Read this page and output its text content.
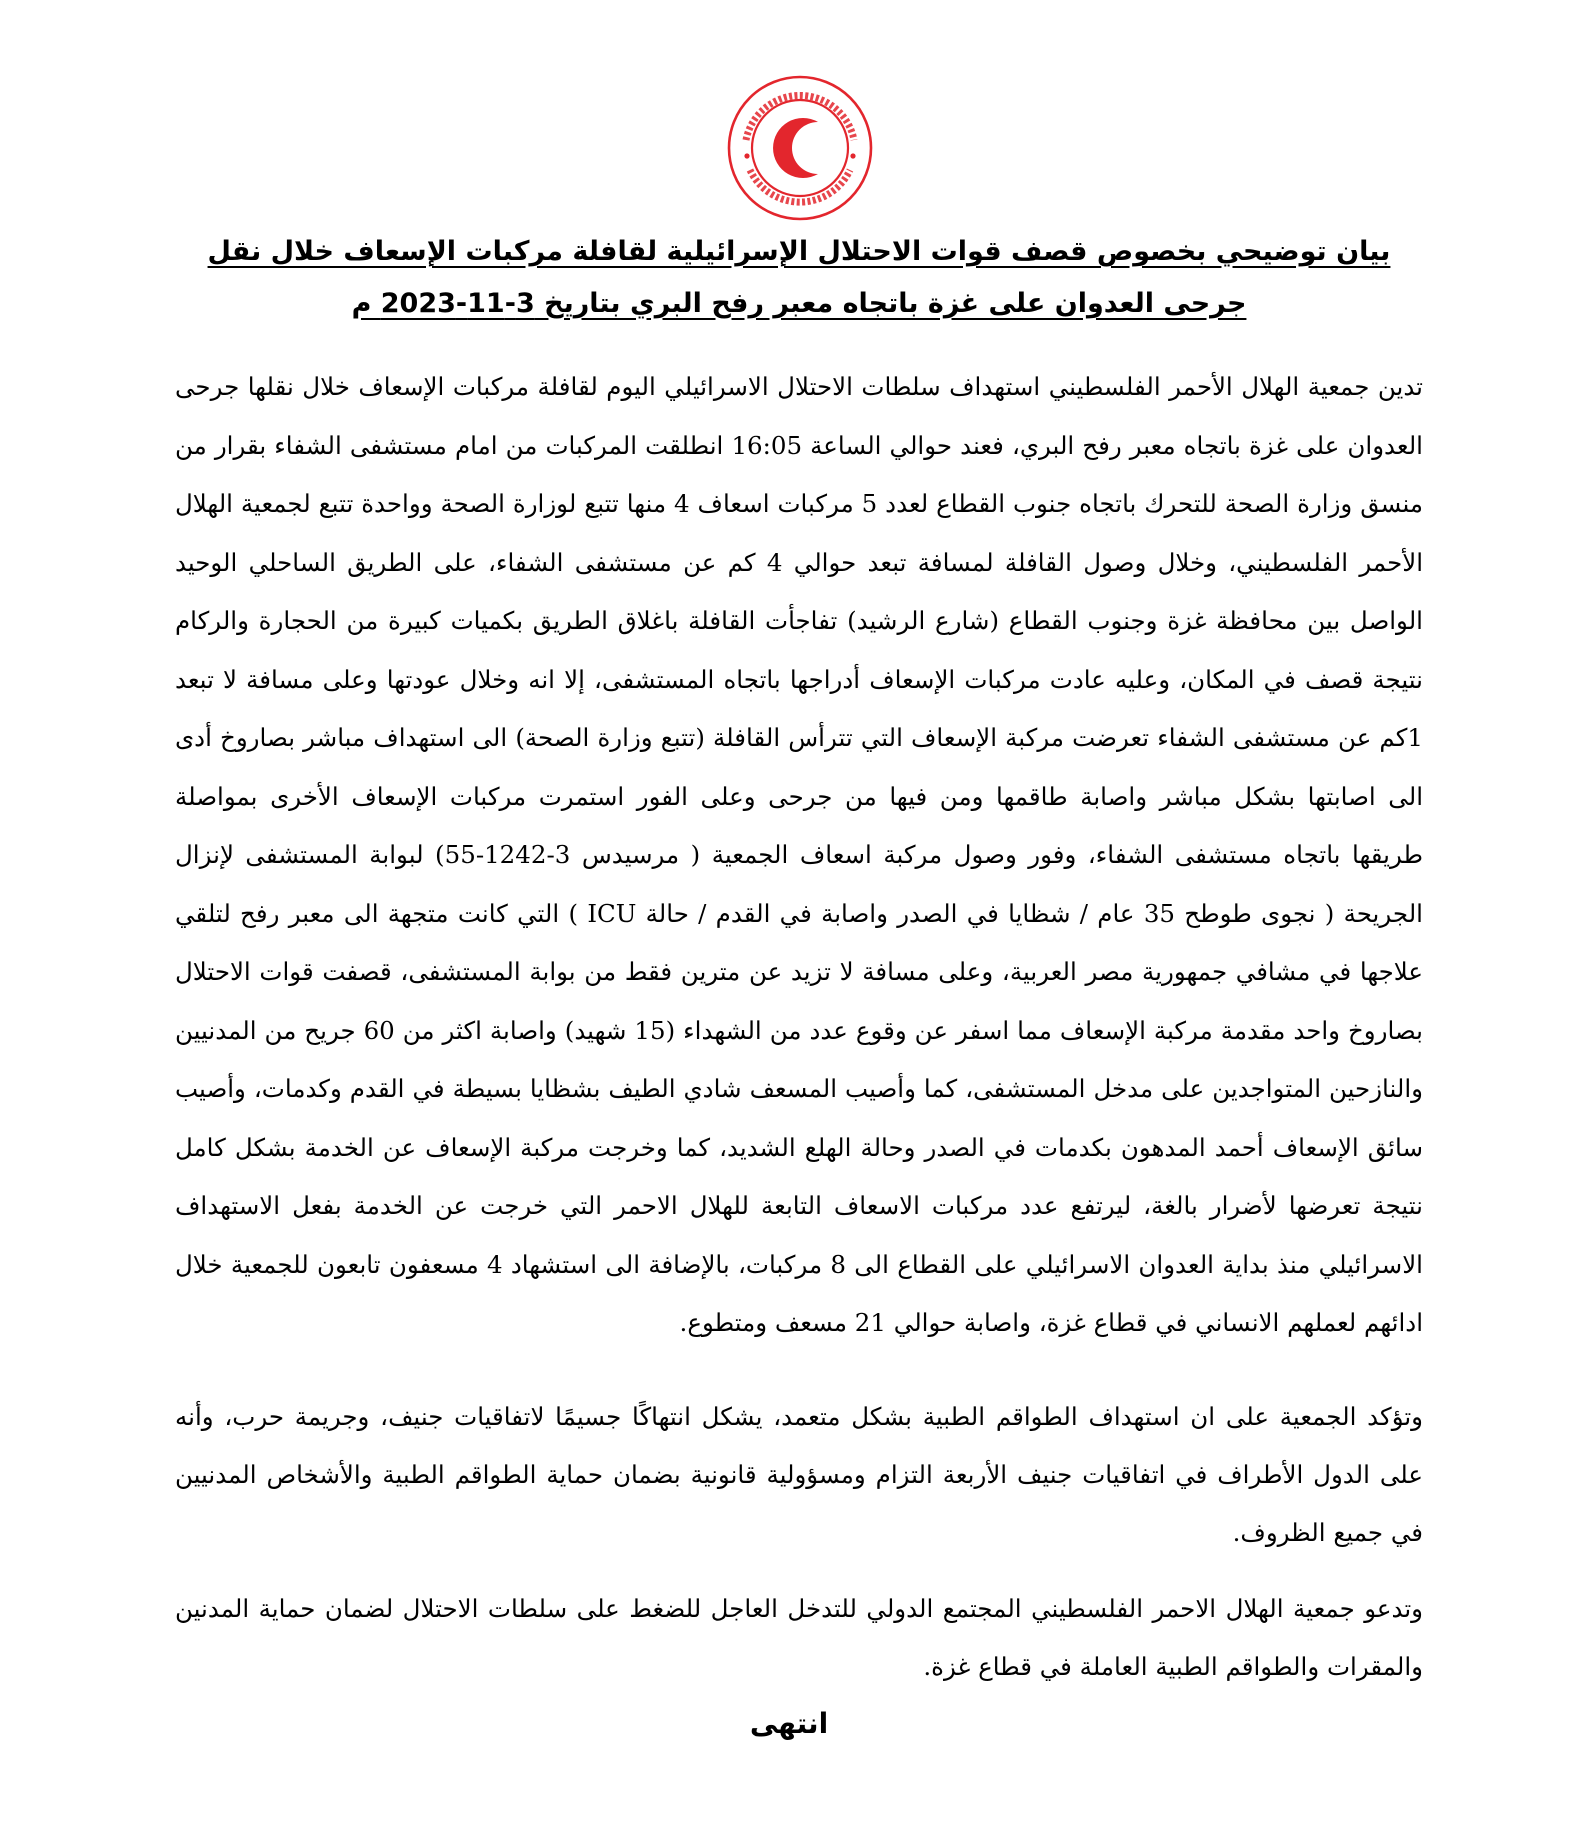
بيان توضيحي بخصوص قصف قوات الاحتلال الإسرائيلية لقافلة مركبات الإسعاف خلال نقل جرحى العدوان على غزة باتجاه معبر رفح البري بتاريخ 3-11-2023 م

تدين جمعية الهلال الأحمر الفلسطيني استهداف سلطات الاحتلال الاسرائيلي اليوم لقافلة مركبات الإسعاف خلال نقلها جرحى العدوان على غزة باتجاه معبر رفح البري، فعند حوالي الساعة 16:05 انطلقت المركبات من امام مستشفى الشفاء بقرار من منسق وزارة الصحة للتحرك باتجاه جنوب القطاع لعدد 5 مركبات اسعاف 4 منها تتبع لوزارة الصحة وواحدة تتبع لجمعية الهلال الأحمر الفلسطيني، وخلال وصول القافلة لمسافة تبعد حوالي 4 كم عن مستشفى الشفاء، على الطريق الساحلي الوحيد الواصل بين محافظة غزة وجنوب القطاع (شارع الرشيد) تفاجأت القافلة باغلاق الطريق بكميات كبيرة من الحجارة والركام نتيجة قصف في المكان، وعليه عادت مركبات الإسعاف أدراجها باتجاه المستشفى، إلا انه وخلال عودتها وعلى مسافة لا تبعد 1كم عن مستشفى الشفاء تعرضت مركبة الإسعاف التي تترأس القافلة (تتبع وزارة الصحة) الى استهداف مباشر بصاروخ أدى الى اصابتها بشكل مباشر واصابة طاقمها ومن فيها من جرحى وعلى الفور استمرت مركبات الإسعاف الأخرى بمواصلة طريقها باتجاه مستشفى الشفاء، وفور وصول مركبة اسعاف الجمعية ( مرسيدس 3-1242-55) لبوابة المستشفى لإنزال الجريحة ( نجوى طوطح 35 عام / شظايا في الصدر واصابة في القدم / حالة ICU ) التي كانت متجهة الى معبر رفح لتلقي علاجها في مشافي جمهورية مصر العربية، وعلى مسافة لا تزيد عن مترين فقط من بوابة المستشفى، قصفت قوات الاحتلال بصاروخ واحد مقدمة مركبة الإسعاف مما اسفر عن وقوع عدد من الشهداء (15 شهيد) واصابة اكثر من 60 جريح من المدنيين والنازحين المتواجدين على مدخل المستشفى، كما وأصيب المسعف شادي الطيف بشظايا بسيطة في القدم وكدمات، وأصيب سائق الإسعاف أحمد المدهون بكدمات في الصدر وحالة الهلع الشديد، كما وخرجت مركبة الإسعاف عن الخدمة بشكل كامل نتيجة تعرضها لأضرار بالغة، ليرتفع عدد مركبات الاسعاف التابعة للهلال الاحمر التي خرجت عن الخدمة بفعل الاستهداف الاسرائيلي منذ بداية العدوان الاسرائيلي على القطاع الى 8 مركبات، بالإضافة الى استشهاد 4 مسعفون تابعون للجمعية خلال ادائهم لعملهم الانساني في قطاع غزة، واصابة حوالي 21 مسعف ومتطوع.

وتؤكد الجمعية على ان استهداف الطواقم الطبية بشكل متعمد، يشكل انتهاكًا جسيمًا لاتفاقيات جنيف، وجريمة حرب، وأنه على الدول الأطراف في اتفاقيات جنيف الأربعة التزام ومسؤولية قانونية بضمان حماية الطواقم الطبية والأشخاص المدنيين في جميع الظروف.

وتدعو جمعية الهلال الاحمر الفلسطيني المجتمع الدولي للتدخل العاجل للضغط على سلطات الاحتلال لضمان حماية المدنين والمقرات والطواقم الطبية العاملة في قطاع غزة.

انتهى
